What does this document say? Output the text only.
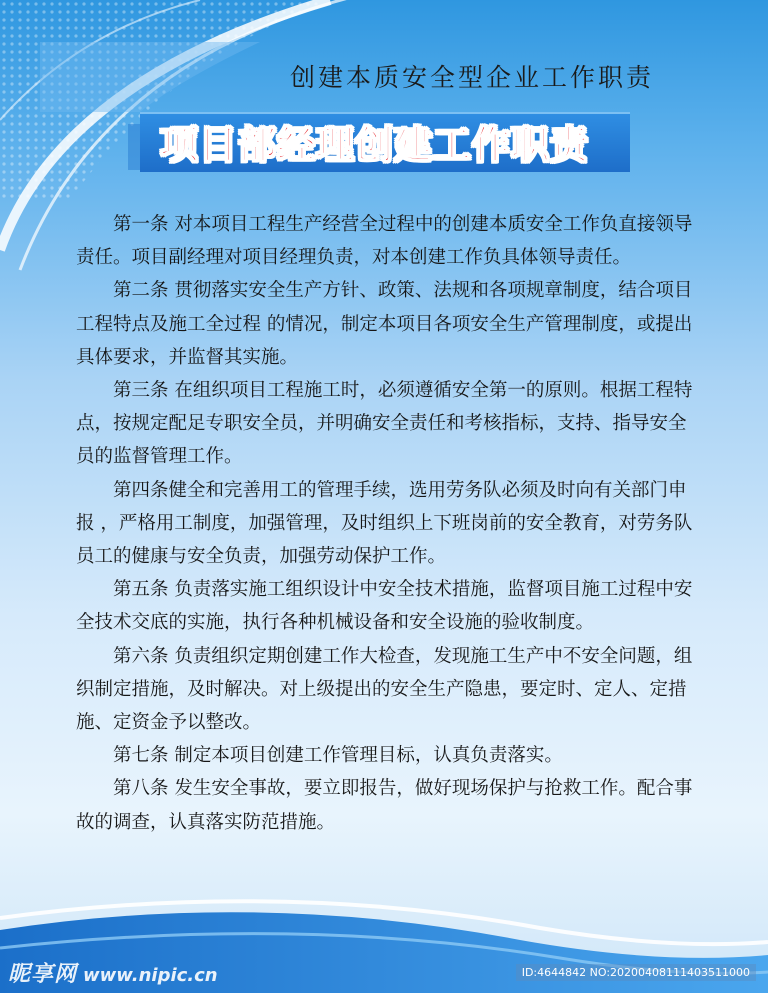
创建本质安全型企业工作职责
项目部经理创建工作职责

第一条 对本项目工程生产经营全过程中的创建本质安全工作负直接领导责任。项目副经理对项目经理负责，对本创建工作负具体领导责任。

第二条 贯彻落实安全生产方针、政策、法规和各项规章制度，结合项目工程特点及施工全过程 的情况，制定本项目各项安全生产管理制度，或提出具体要求，并监督其实施。

第三条 在组织项目工程施工时，必须遵循安全第一的原则。根据工程特点，按规定配足专职安全员，并明确安全责任和考核指标，支持、指导安全员的监督管理工作。

第四条健全和完善用工的管理手续，选用劳务队必须及时向有关部门申报 ，严格用工制度，加强管理，及时组织上下班岗前的安全教育，对劳务队员工的健康与安全负责，加强劳动保护工作。

第五条 负责落实施工组织设计中安全技术措施，监督项目施工过程中安全技术交底的实施，执行各种机械设备和安全设施的验收制度。

第六条 负责组织定期创建工作大检查，发现施工生产中不安全问题，组织制定措施，及时解决。对上级提出的安全生产隐患，要定时、定人、定措施、定资金予以整改。

第七条 制定本项目创建工作管理目标，认真负责落实。

第八条 发生安全事故，要立即报告，做好现场保护与抢救工作。配合事故的调查，认真落实防范措施。

昵享网 www.nipic.cn	ID:4644842 NO:20200408111403511000
